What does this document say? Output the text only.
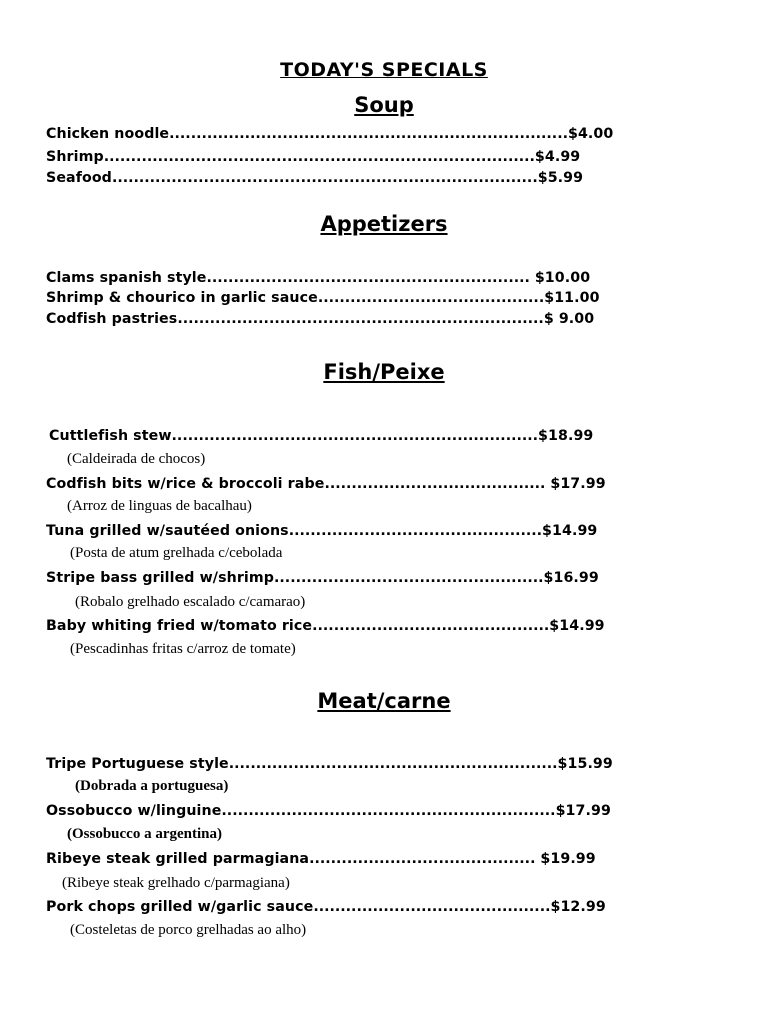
TODAY'S SPECIALS
Soup
Chicken noodle..........................................................................$4.00
Shrimp................................................................................$4.99
Seafood...............................................................................$5.99
Appetizers
Clams spanish style............................................................ $10.00
Shrimp & chourico in garlic sauce..........................................$11.00
Codfish pastries....................................................................$ 9.00
Fish/Peixe
Cuttlefish stew....................................................................$18.99
(Caldeirada de chocos)
Codfish bits w/rice & broccoli rabe......................................... $17.99
(Arroz de linguas de bacalhau)
Tuna grilled w/sautéed onions...............................................$14.99
(Posta de atum grelhada c/cebolada
Stripe bass grilled w/shrimp..................................................$16.99
(Robalo grelhado escalado c/camarao)
Baby whiting fried w/tomato rice............................................$14.99
(Pescadinhas fritas c/arroz de tomate)
Meat/carne
Tripe Portuguese style.............................................................$15.99
(Dobrada a portuguesa)
Ossobucco w/linguine..............................................................$17.99
(Ossobucco a argentina)
Ribeye steak grilled parmagiana.......................................... $19.99
(Ribeye steak grelhado c/parmagiana)
Pork chops grilled w/garlic sauce............................................$12.99
(Costeletas de porco grelhadas ao alho)
